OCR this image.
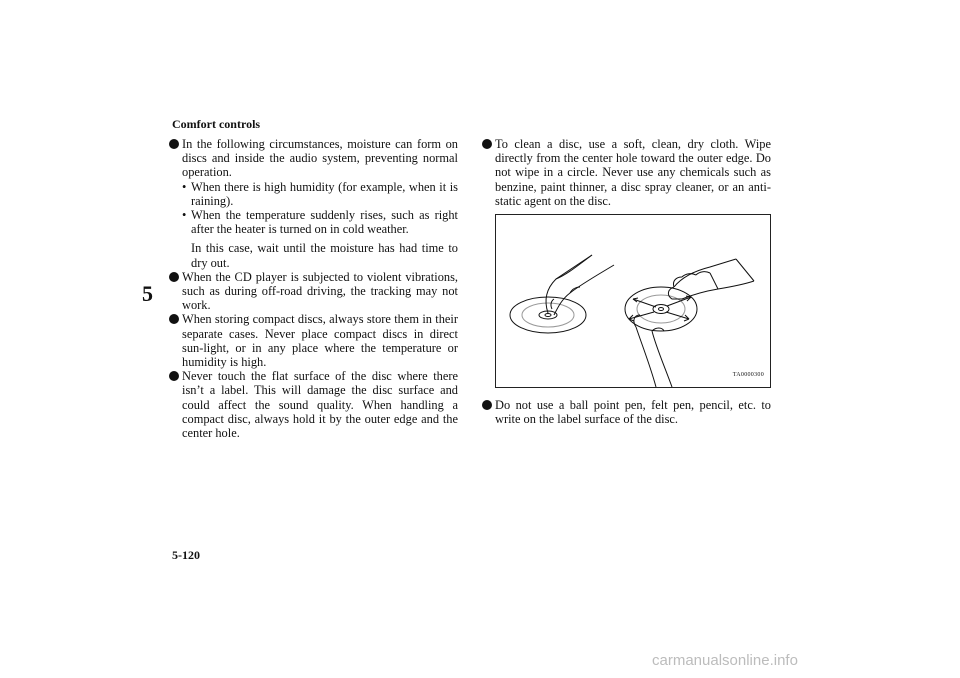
Comfort controls
5
In the following circumstances, moisture can form on discs and inside the audio system, preventing normal operation.
• When there is high humidity (for example, when it is raining).
• When the temperature suddenly rises, such as right after the heater is turned on in cold weather.
In this case, wait until the moisture has had time to dry out.
When the CD player is subjected to violent vibrations, such as during off-road driving, the tracking may not work.
When storing compact discs, always store them in their separate cases. Never place compact discs in direct sun-light, or in any place where the temperature or humidity is high.
Never touch the flat surface of the disc where there isn’t a label. This will damage the disc surface and could affect the sound quality. When handling a compact disc, always hold it by the outer edge and the center hole.
To clean a disc, use a soft, clean, dry cloth. Wipe directly from the center hole toward the outer edge. Do not wipe in a circle. Never use any chemicals such as benzine, paint thinner, a disc spray cleaner, or an anti-static agent on the disc.
TA0000300
Do not use a ball point pen, felt pen, pencil, etc. to write on the label surface of the disc.
5-120
carmanualsonline.info
